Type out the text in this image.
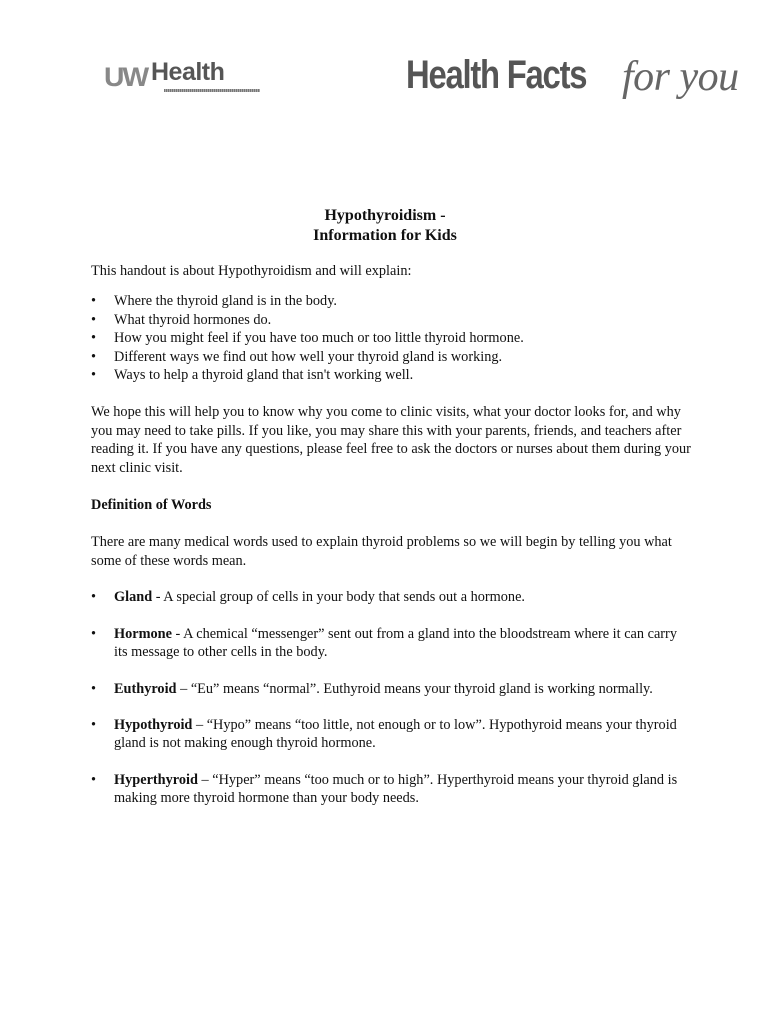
UW Health	Health Facts for you
Hypothyroidism -
Information for Kids

This handout is about Hypothyroidism and will explain:

• Where the thyroid gland is in the body.
• What thyroid hormones do.
• How you might feel if you have too much or too little thyroid hormone.
• Different ways we find out how well your thyroid gland is working.
• Ways to help a thyroid gland that isn't working well.

We hope this will help you to know why you come to clinic visits, what your doctor looks for, and why you may need to take pills. If you like, you may share this with your parents, friends, and teachers after reading it. If you have any questions, please feel free to ask the doctors or nurses about them during your next clinic visit.

Definition of Words

There are many medical words used to explain thyroid problems so we will begin by telling you what some of these words mean.

• Gland - A special group of cells in your body that sends out a hormone.
• Hormone - A chemical “messenger” sent out from a gland into the bloodstream where it can carry its message to other cells in the body.
• Euthyroid – “Eu” means “normal”. Euthyroid means your thyroid gland is working normally.
• Hypothyroid – “Hypo” means “too little, not enough or to low”. Hypothyroid means your thyroid gland is not making enough thyroid hormone.
• Hyperthyroid – “Hyper” means “too much or to high”. Hyperthyroid means your thyroid gland is making more thyroid hormone than your body needs.
